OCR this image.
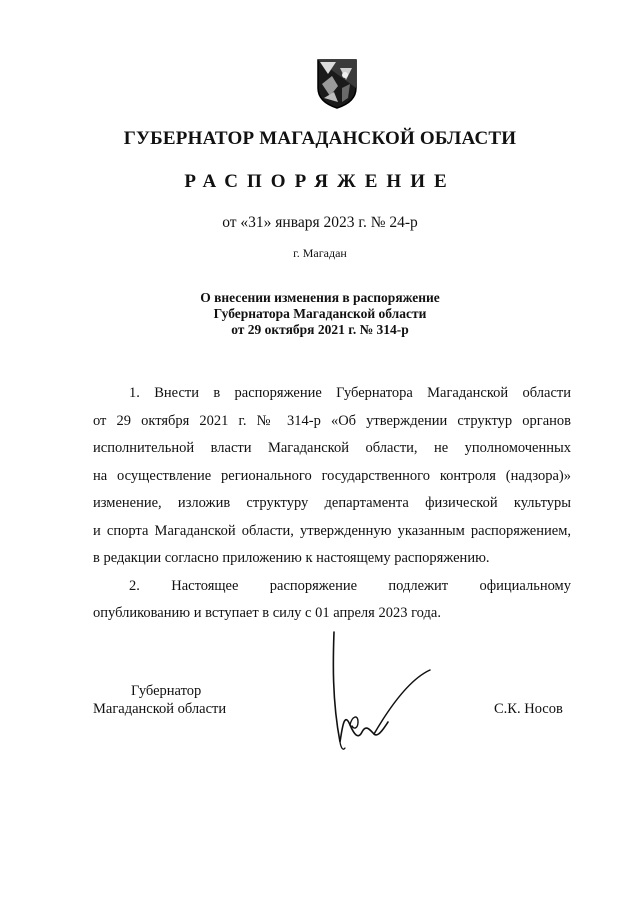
ГУБЕРНАТОР МАГАДАНСКОЙ ОБЛАСТИ
РАСПОРЯЖЕНИЕ
от «31» января 2023 г. № 24-р
г. Магадан
О внесении изменения в распоряжение
Губернатора Магаданской области
от 29 октября 2021 г. № 314-р

1. Внести в распоряжение Губернатора Магаданской области
от 29 октября 2021 г. № 314-р «Об утверждении структур органов
исполнительной власти Магаданской области, не уполномоченных
на осуществление регионального государственного контроля (надзора)»
изменение, изложив структуру департамента физической культуры
и спорта Магаданской области, утвержденную указанным распоряжением,
в редакции согласно приложению к настоящему распоряжению.

2. Настоящее распоряжение подлежит официальному
опубликованию и вступает в силу с 01 апреля 2023 года.

Губернатор
Магаданской области	С.К. Носов
